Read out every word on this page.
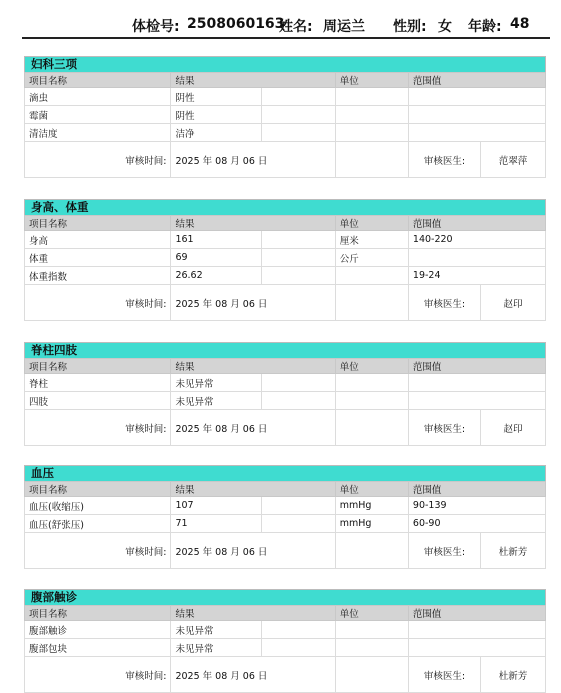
体检号: 2508060163
姓名: 周运兰 性别: 女 年龄: 48
妇科三项
项目名称	结果		单位	范围值	
滴虫	阴性				
霉菌	阴性				
清洁度	洁净				
审核时间:	2025 年 08 月 06 日			审核医生:	范翠萍
身高、体重
项目名称	结果		单位	范围值	
身高	161		厘米	140-220	
体重	69		公斤		
体重指数	26.62			19-24	
审核时间:	2025 年 08 月 06 日			审核医生:	赵印
脊柱四肢
项目名称	结果		单位	范围值	
脊柱	未见异常				
四肢	未见异常				
审核时间:	2025 年 08 月 06 日			审核医生:	赵印
血压
项目名称	结果		单位	范围值	
血压(收缩压)	107		mmHg	90-139	
血压(舒张压)	71		mmHg	60-90	
审核时间:	2025 年 08 月 06 日			审核医生:	杜新芳
腹部触诊
项目名称	结果		单位	范围值	
腹部触诊	未见异常				
腹部包块	未见异常				
审核时间:	2025 年 08 月 06 日			审核医生:	杜新芳
